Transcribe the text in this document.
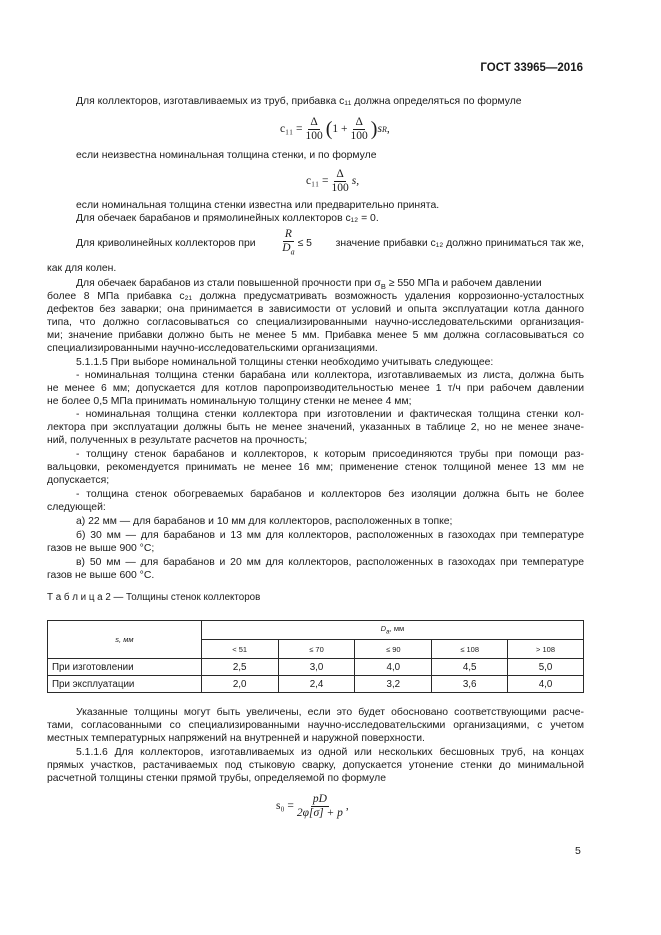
ГОСТ 33965—2016
Для коллекторов, изготавливаемых из труб, прибавка c₁₁ должна определяться по формуле
$c_{11} = \frac{\Delta}{100}$ ( $1 + \frac{\Delta}{100}$ ) s R ,
если неизвестна номинальная толщина стенки, и по формуле
$c_{11} = \frac{\Delta}{100} s$,
если номинальная толщина стенки известна или предварительно принята.
Для обечаек барабанов и прямолинейных коллекторов c₁₂ = 0.
Для криволинейных коллекторов при $\frac{R}{D_a} \le 5$ значение прибавки c₁₂ должно приниматься так же,
как для колен.
Для обечаек барабанов из стали повышенной прочности при $\sigma_В \ge 550$ МПа и рабочем давлении
более 8 МПа прибавка c₂₁ должна предусматривать возможность удаления коррозионно-усталостных
дефектов без заварки; она принимается в зависимости от условий и опыта эксплуатации котла данного
типа, что должно согласовываться со специализированными научно-исследовательскими организация-
ми; значение прибавки должно быть не менее 5 мм. Прибавка менее 5 мм должна согласовываться со
специализированными научно-исследовательскими организациями.
5.1.1.5 При выборе номинальной толщины стенки необходимо учитывать следующее:
- номинальная толщина стенки барабана или коллектора, изготавливаемых из листа, должна быть
не менее 6 мм; допускается для котлов паропроизводительностью менее 1 т/ч при рабочем давлении
не более 0,5 МПа принимать номинальную толщину стенки не менее 4 мм;
- номинальная толщина стенки коллектора при изготовлении и фактическая толщина стенки кол-
лектора при эксплуатации должны быть не менее значений, указанных в таблице 2, но не менее значе-
ний, полученных в результате расчетов на прочность;
- толщину стенок барабанов и коллекторов, к которым присоединяются трубы при помощи раз-
вальцовки, рекомендуется принимать не менее 16 мм; применение стенок толщиной менее 13 мм не
допускается;
- толщина стенок обогреваемых барабанов и коллекторов без изоляции должна быть не более
следующей:
а) 22 мм — для барабанов и 10 мм для коллекторов, расположенных в топке;
б) 30 мм — для барабанов и 13 мм для коллекторов, расположенных в газоходах при температуре
газов не выше 900 °С;
в) 50 мм — для барабанов и 20 мм для коллекторов, расположенных в газоходах при температуре
газов не выше 600 °С.
Т а б л и ц а 2 — Толщины стенок коллекторов
s, мм	$D_a$, мм				
	< 51	≤ 70	≤ 90	≤ 108	> 108
При изготовлении	2,5	3,0	4,0	4,5	5,0
При эксплуатации	2,0	2,4	3,2	3,6	4,0
Указанные толщины могут быть увеличены, если это будет обосновано соответствующими расче-
тами, согласованными со специализированными научно-исследовательскими организациями, с учетом
местных температурных напряжений на внутренней и наружной поверхности.
5.1.1.6 Для коллекторов, изготавливаемых из одной или нескольких бесшовных труб, на концах
прямых участков, растачиваемых под стыковую сварку, допускается утонение стенки до минимальной
расчетной толщины стенки прямой трубы, определяемой по формуле
$s_0 = \frac{pD}{2\varphi[\sigma] + p}$ ,
5
